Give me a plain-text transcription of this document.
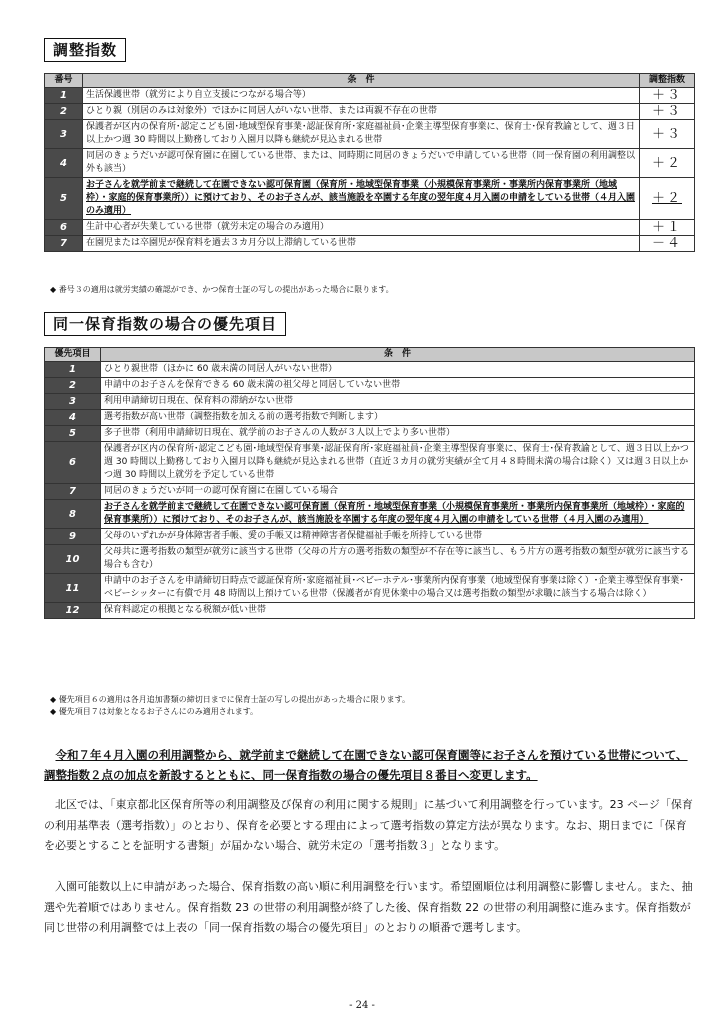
調整指数
番号	条　件	調整指数
1	生活保護世帯（就労により自立支援につながる場合等）	＋３
2	ひとり親（別居のみは対象外）でほかに同居人がいない世帯、または両親不存在の世帯	＋３
3	保護者が区内の保育所･認定こども園･地域型保育事業･認証保育所･家庭福祉員･企業主導型保育事業に、保育士･保育教諭として、週３日以上かつ週 30 時間以上勤務しており入園月以降も継続が見込まれる世帯	＋３
4	同居のきょうだいが認可保育園に在園している世帯、または、同時期に同居のきょうだいで申請している世帯（同一保育園の利用調整以外も該当）	＋２
5	お子さんを就学前まで継続して在園できない認可保育園（保育所・地域型保育事業（小規模保育事業所・事業所内保育事業所（地域枠）・家庭的保育事業所））に預けており、そのお子さんが、該当施設を卒園する年度の翌年度４月入園の申請をしている世帯（４月入園のみ適用）	＋２
6	生計中心者が失業している世帯（就労未定の場合のみ適用）	＋１
7	在園児または卒園児が保育料を過去３カ月分以上滞納している世帯	－４
◆ 番号３の適用は就労実績の確認ができ、かつ保育士証の写しの提出があった場合に限ります。
同一保育指数の場合の優先項目
優先項目	条　件
1	ひとり親世帯（ほかに 60 歳未満の同居人がいない世帯）
2	申請中のお子さんを保育できる 60 歳未満の祖父母と同居していない世帯
3	利用申請締切日現在、保育料の滞納がない世帯
4	選考指数が高い世帯（調整指数を加える前の選考指数で判断します）
5	多子世帯（利用申請締切日現在、就学前のお子さんの人数が３人以上でより多い世帯）
6	保護者が区内の保育所･認定こども園･地域型保育事業･認証保育所･家庭福祉員･企業主導型保育事業に、保育士･保育教諭として、週３日以上かつ週 30 時間以上勤務しており入園月以降も継続が見込まれる世帯（直近３カ月の就労実績が全て月４８時間未満の場合は除く）又は週３日以上かつ週 30 時間以上就労を予定している世帯
7	同居のきょうだいが同一の認可保育園に在園している場合
8	お子さんを就学前まで継続して在園できない認可保育園（保育所・地域型保育事業（小規模保育事業所・事業所内保育事業所（地域枠）・家庭的保育事業所））に預けており、そのお子さんが、該当施設を卒園する年度の翌年度４月入園の申請をしている世帯（４月入園のみ適用）
9	父母のいずれかが身体障害者手帳、愛の手帳又は精神障害者保健福祉手帳を所持している世帯
10	父母共に選考指数の類型が就労に該当する世帯（父母の片方の選考指数の類型が不存在等に該当し、もう片方の選考指数の類型が就労に該当する場合も含む）
11	申請中のお子さんを申請締切日時点で認証保育所･家庭福祉員･ベビーホテル･事業所内保育事業（地域型保育事業は除く）･企業主導型保育事業･ベビーシッターに有償で月 48 時間以上預けている世帯（保護者が育児休業中の場合又は選考指数の類型が求職に該当する場合は除く）
12	保育料認定の根拠となる税額が低い世帯
◆ 優先項目６の適用は各月追加書類の締切日までに保育士証の写しの提出があった場合に限ります。
◆ 優先項目７は対象となるお子さんにのみ適用されます。
令和７年４月入園の利用調整から、就学前まで継続して在園できない認可保育園等にお子さんを預けている世帯について、調整指数２点の加点を新設するとともに、同一保育指数の場合の優先項目８番目へ変更します。
北区では、「東京都北区保育所等の利用調整及び保育の利用に関する規則」に基づいて利用調整を行っています。23 ページ「保育の利用基準表（選考指数）」のとおり、保育を必要とする理由によって選考指数の算定方法が異なります。なお、期日までに「保育を必要とすることを証明する書類」が届かない場合、就労未定の「選考指数３」となります。
入園可能数以上に申請があった場合、保育指数の高い順に利用調整を行います。希望園順位は利用調整に影響しません。また、抽選や先着順ではありません。保育指数 23 の世帯の利用調整が終了した後、保育指数 22 の世帯の利用調整に進みます。保育指数が同じ世帯の利用調整では上表の「同一保育指数の場合の優先項目」のとおりの順番で選考します。
- 24 -
